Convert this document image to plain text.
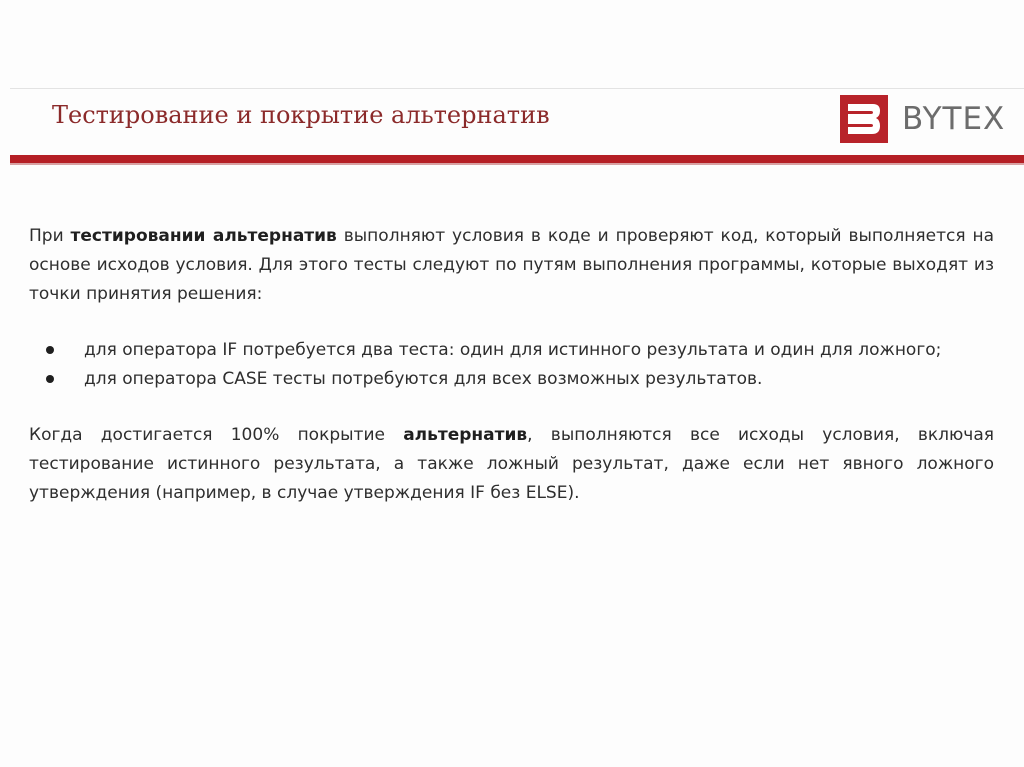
Тестирование и покрытие альтернатив	BYTEX

При тестировании альтернатив выполняют условия в коде и проверяют код, который выполняется на основе исходов условия. Для этого тесты следуют по путям выполнения программы, которые выходят из точки принятия решения:

для оператора IF потребуется два теста: один для истинного результата и один для ложного;
для оператора CASE тесты потребуются для всех возможных результатов.

Когда достигается 100% покрытие альтернатив, выполняются все исходы условия, включая тестирование истинного результата, а также ложный результат, даже если нет явного ложного утверждения (например, в случае утверждения IF без ELSE).
